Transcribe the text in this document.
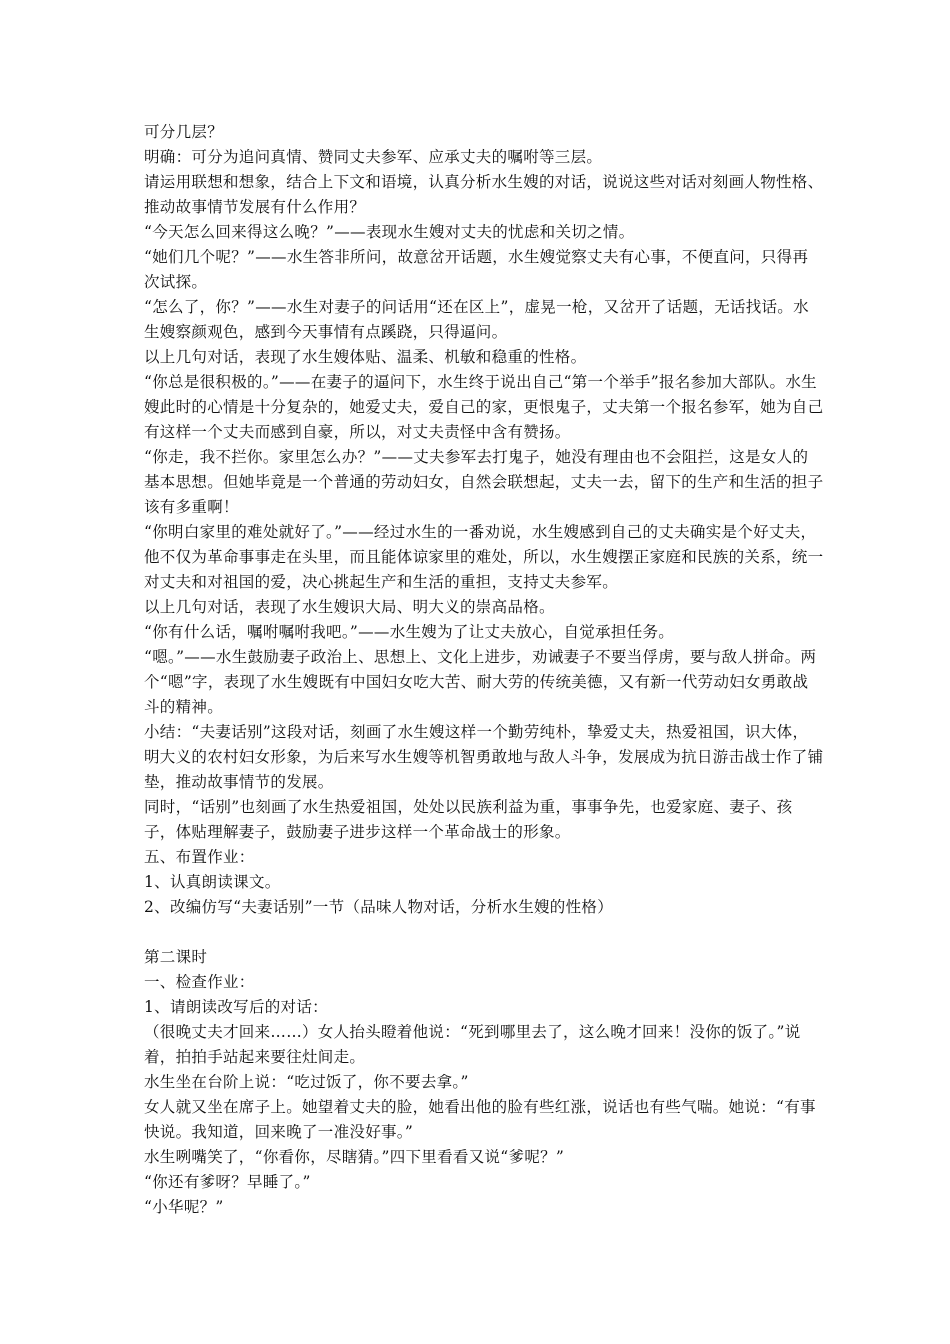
可分几层？

明确：可分为追问真情、赞同丈夫参军、应承丈夫的嘱咐等三层。

请运用联想和想象，结合上下文和语境，认真分析水生嫂的对话，说说这些对话对刻画人物性格、推动故事情节发展有什么作用？

“今天怎么回来得这么晚？”——表现水生嫂对丈夫的忧虑和关切之情。

“她们几个呢？”——水生答非所问，故意岔开话题，水生嫂觉察丈夫有心事，不便直问，只得再次试探。

“怎么了，你？”——水生对妻子的问话用“还在区上”，虚晃一枪，又岔开了话题，无话找话。水生嫂察颜观色，感到今天事情有点蹊跷，只得逼问。

以上几句对话，表现了水生嫂体贴、温柔、机敏和稳重的性格。

“你总是很积极的。”——在妻子的逼问下，水生终于说出自己“第一个举手”报名参加大部队。水生嫂此时的心情是十分复杂的，她爱丈夫，爱自己的家，更恨鬼子，丈夫第一个报名参军，她为自己有这样一个丈夫而感到自豪，所以，对丈夫责怪中含有赞扬。

“你走，我不拦你。家里怎么办？”——丈夫参军去打鬼子，她没有理由也不会阻拦，这是女人的基本思想。但她毕竟是一个普通的劳动妇女，自然会联想起，丈夫一去，留下的生产和生活的担子该有多重啊！

“你明白家里的难处就好了。”——经过水生的一番劝说，水生嫂感到自己的丈夫确实是个好丈夫，他不仅为革命事事走在头里，而且能体谅家里的难处，所以，水生嫂摆正家庭和民族的关系，统一对丈夫和对祖国的爱，决心挑起生产和生活的重担，支持丈夫参军。

以上几句对话，表现了水生嫂识大局、明大义的崇高品格。

“你有什么话，嘱咐嘱咐我吧。”——水生嫂为了让丈夫放心，自觉承担任务。

“嗯。”——水生鼓励妻子政治上、思想上、文化上进步，劝诫妻子不要当俘虏，要与敌人拼命。两个“嗯”字，表现了水生嫂既有中国妇女吃大苦、耐大劳的传统美德，又有新一代劳动妇女勇敢战斗的精神。

小结：“夫妻话别”这段对话，刻画了水生嫂这样一个勤劳纯朴，挚爱丈夫，热爱祖国，识大体，明大义的农村妇女形象，为后来写水生嫂等机智勇敢地与敌人斗争，发展成为抗日游击战士作了铺垫，推动故事情节的发展。

同时，“话别”也刻画了水生热爱祖国，处处以民族利益为重，事事争先，也爱家庭、妻子、孩子，体贴理解妻子，鼓励妻子进步这样一个革命战士的形象。

五、布置作业：

1、认真朗读课文。

2、改编仿写“夫妻话别”一节（品味人物对话，分析水生嫂的性格）

第二课时

一、检查作业：

1、请朗读改写后的对话：

（很晚丈夫才回来……）女人抬头瞪着他说：“死到哪里去了，这么晚才回来！没你的饭了。”说着，拍拍手站起来要往灶间走。

水生坐在台阶上说：“吃过饭了，你不要去拿。”

女人就又坐在席子上。她望着丈夫的脸，她看出他的脸有些红涨，说话也有些气喘。她说：“有事快说。我知道，回来晚了一准没好事。”

水生咧嘴笑了，“你看你，尽瞎猜。”四下里看看又说“爹呢？”

“你还有爹呀？早睡了。”

“小华呢？”
